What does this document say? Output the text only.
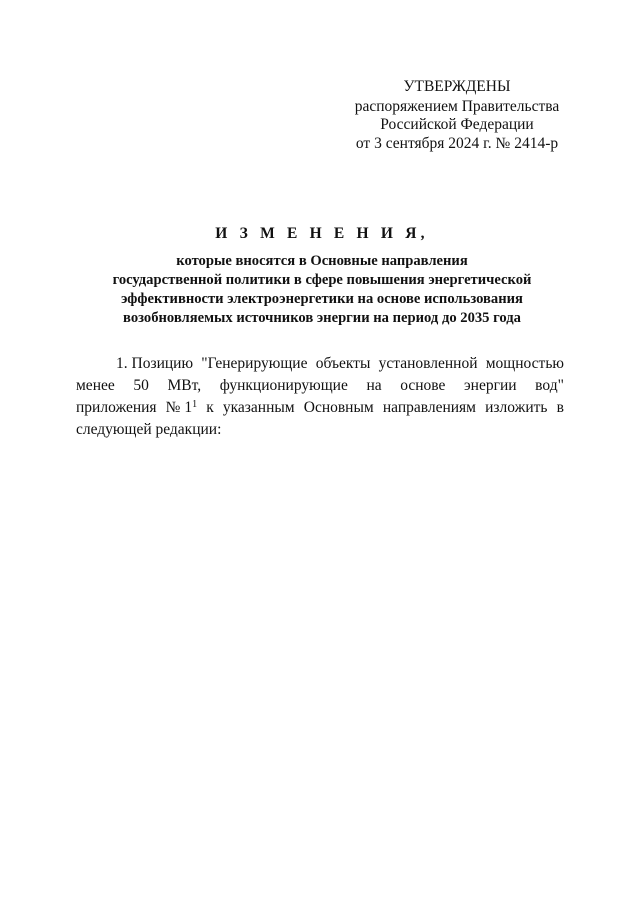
УТВЕРЖДЕНЫ
распоряжением Правительства
Российской Федерации
от 3 сентября 2024 г. № 2414-р
И З М Е Н Е Н И Я,
которые вносятся в Основные направления
государственной политики в сфере повышения энергетической
эффективности электроэнергетики на основе использования
возобновляемых источников энергии на период до 2035 года
1. Позицию "Генерирующие объекты установленной мощностью
менее 50 МВт, функционирующие на основе энергии вод"
приложения № $1^1$ к указанным Основным направлениям изложить в
следующей редакции:
